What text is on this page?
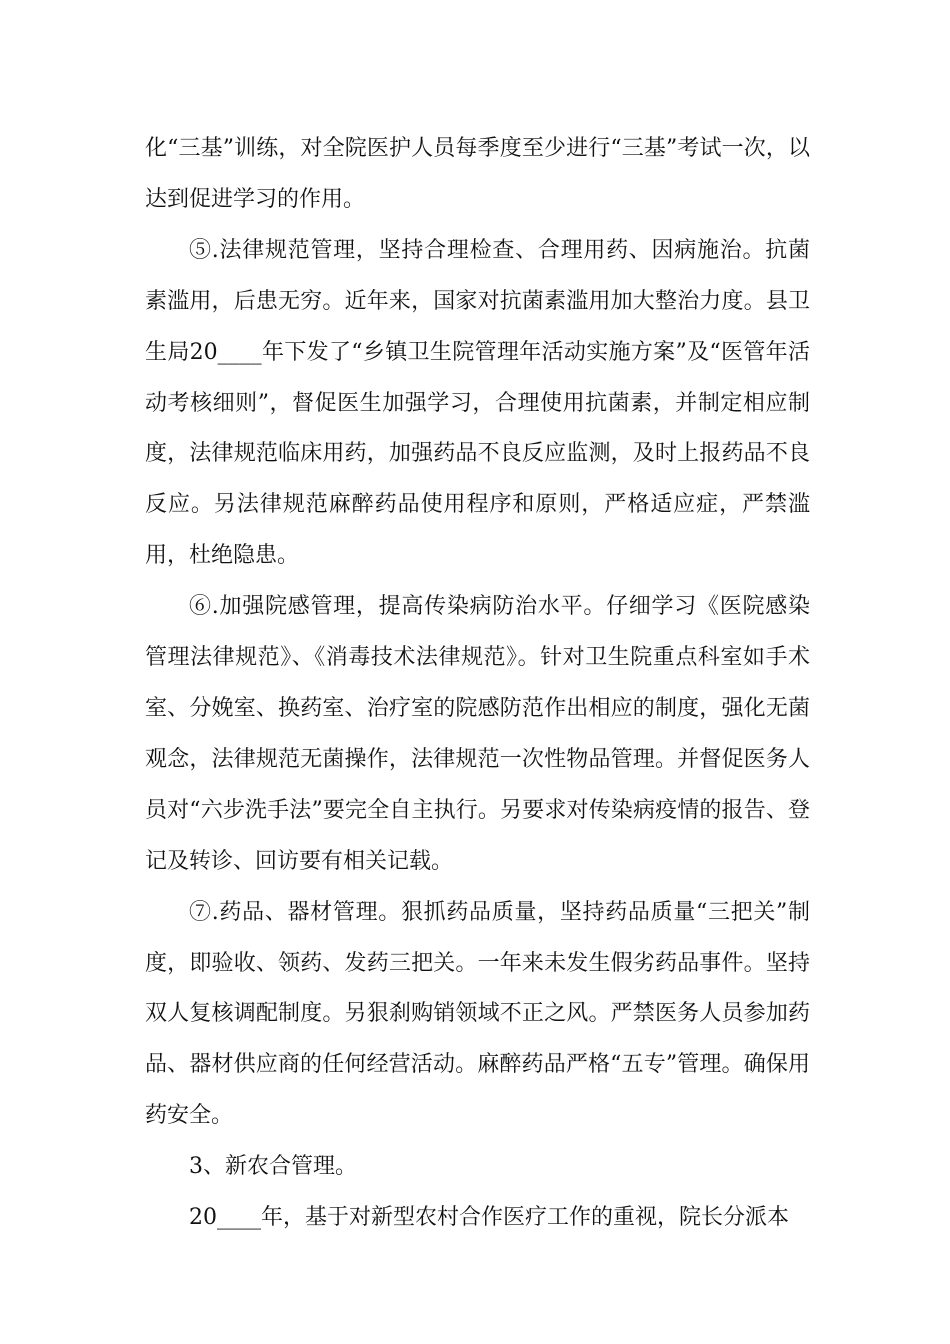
化“三基”训练，对全院医护人员每季度至少进行“三基”考试一次，以达到促进学习的作用。

⑤.法律规范管理，坚持合理检查、合理用药、因病施治。抗菌素滥用，后患无穷。近年来，国家对抗菌素滥用加大整治力度。县卫生局20____年下发了“乡镇卫生院管理年活动实施方案”及“医管年活动考核细则”，督促医生加强学习，合理使用抗菌素，并制定相应制度，法律规范临床用药，加强药品不良反应监测，及时上报药品不良反应。另法律规范麻醉药品使用程序和原则，严格适应症，严禁滥用，杜绝隐患。

⑥.加强院感管理，提高传染病防治水平。仔细学习《医院感染管理法律规范》、《消毒技术法律规范》。针对卫生院重点科室如手术室、分娩室、换药室、治疗室的院感防范作出相应的制度，强化无菌观念，法律规范无菌操作，法律规范一次性物品管理。并督促医务人员对“六步洗手法”要完全自主执行。另要求对传染病疫情的报告、登记及转诊、回访要有相关记载。

⑦.药品、器材管理。狠抓药品质量，坚持药品质量“三把关”制度，即验收、领药、发药三把关。一年来未发生假劣药品事件。坚持双人复核调配制度。另狠刹购销领域不正之风。严禁医务人员参加药品、器材供应商的任何经营活动。麻醉药品严格“五专”管理。确保用药安全。

3、新农合管理。

20____年，基于对新型农村合作医疗工作的重视，院长分派本
